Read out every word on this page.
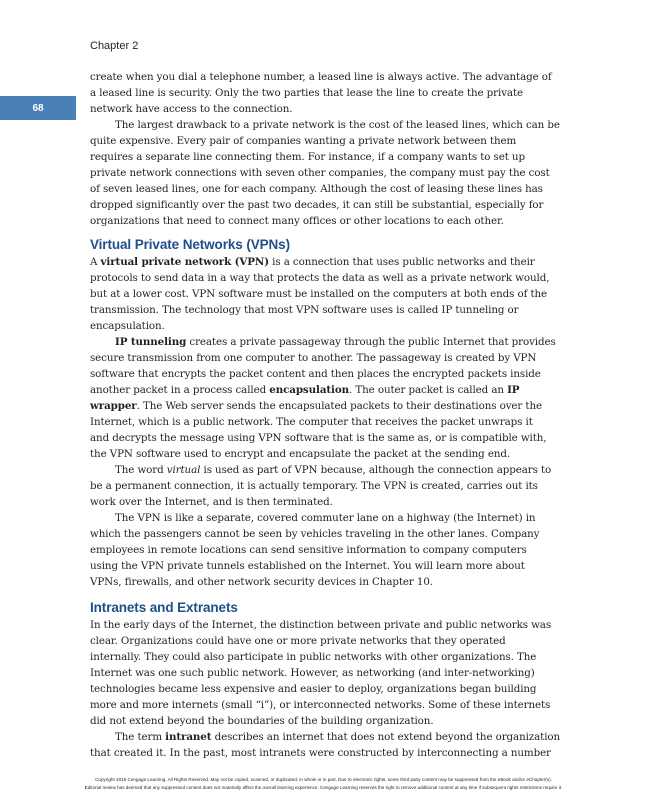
Chapter 2
68
create when you dial a telephone number, a leased line is always active. The advantage of
a leased line is security. Only the two parties that lease the line to create the private
network have access to the connection.
The largest drawback to a private network is the cost of the leased lines, which can be
quite expensive. Every pair of companies wanting a private network between them
requires a separate line connecting them. For instance, if a company wants to set up
private network connections with seven other companies, the company must pay the cost
of seven leased lines, one for each company. Although the cost of leasing these lines has
dropped significantly over the past two decades, it can still be substantial, especially for
organizations that need to connect many offices or other locations to each other.
Virtual Private Networks (VPNs)
A virtual private network (VPN) is a connection that uses public networks and their
protocols to send data in a way that protects the data as well as a private network would,
but at a lower cost. VPN software must be installed on the computers at both ends of the
transmission. The technology that most VPN software uses is called IP tunneling or
encapsulation.
IP tunneling creates a private passageway through the public Internet that provides
secure transmission from one computer to another. The passageway is created by VPN
software that encrypts the packet content and then places the encrypted packets inside
another packet in a process called encapsulation. The outer packet is called an IP
wrapper. The Web server sends the encapsulated packets to their destinations over the
Internet, which is a public network. The computer that receives the packet unwraps it
and decrypts the message using VPN software that is the same as, or is compatible with,
the VPN software used to encrypt and encapsulate the packet at the sending end.
The word virtual is used as part of VPN because, although the connection appears to
be a permanent connection, it is actually temporary. The VPN is created, carries out its
work over the Internet, and is then terminated.
The VPN is like a separate, covered commuter lane on a highway (the Internet) in
which the passengers cannot be seen by vehicles traveling in the other lanes. Company
employees in remote locations can send sensitive information to company computers
using the VPN private tunnels established on the Internet. You will learn more about
VPNs, firewalls, and other network security devices in Chapter 10.
Intranets and Extranets
In the early days of the Internet, the distinction between private and public networks was
clear. Organizations could have one or more private networks that they operated
internally. They could also participate in public networks with other organizations. The
Internet was one such public network. However, as networking (and inter-networking)
technologies became less expensive and easier to deploy, organizations began building
more and more internets (small “i”), or interconnected networks. Some of these internets
did not extend beyond the boundaries of the building organization.
The term intranet describes an internet that does not extend beyond the organization
that created it. In the past, most intranets were constructed by interconnecting a number
Copyright 2015 Cengage Learning. All Rights Reserved. May not be copied, scanned, or duplicated, in whole or in part. Due to electronic rights, some third party content may be suppressed from the eBook and/or eChapter(s).
Editorial review has deemed that any suppressed content does not materially affect the overall learning experience. Cengage Learning reserves the right to remove additional content at any time if subsequent rights restrictions require it.
